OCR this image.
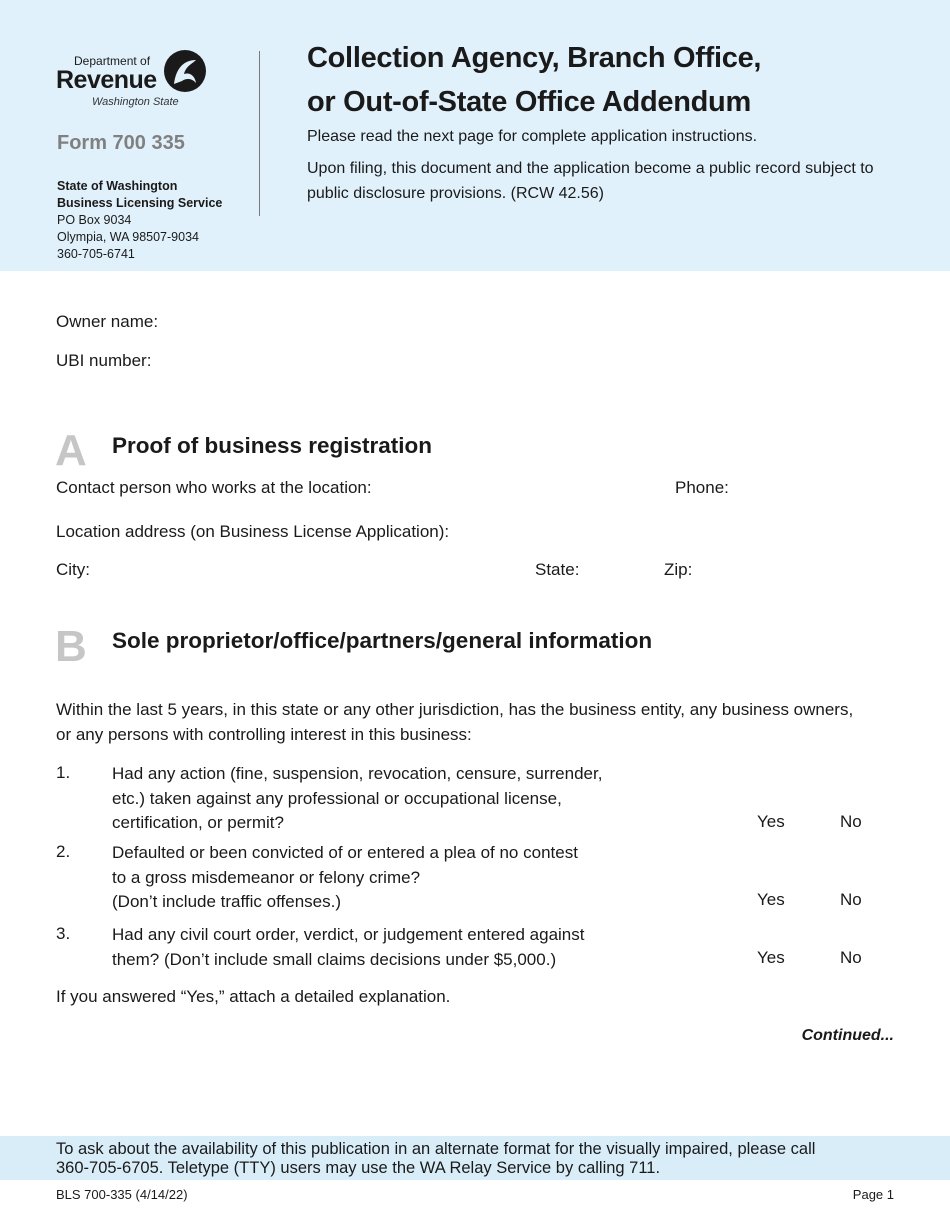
Department of
Revenue
Washington State
Form 700 335
State of Washington
Business Licensing Service
PO Box 9034
Olympia, WA 98507-9034
360-705-6741
Collection Agency, Branch Office,
or Out-of-State Office Addendum
Please read the next page for complete application instructions.
Upon filing, this document and the application become a public record subject to public disclosure provisions. (RCW 42.56)
Owner name:
UBI number:
A Proof of business registration
Contact person who works at the location:	Phone:
Location address (on Business License Application):
City:	State:	Zip:
B Sole proprietor/office/partners/general information
Within the last 5 years, in this state or any other jurisdiction, has the business entity, any business owners, or any persons with controlling interest in this business:
1. Had any action (fine, suspension, revocation, censure, surrender,
etc.) taken against any professional or occupational license,
certification, or permit?	Yes	No
2. Defaulted or been convicted of or entered a plea of no contest
to a gross misdemeanor or felony crime?
(Don’t include traffic offenses.)	Yes	No
3. Had any civil court order, verdict, or judgement entered against
them? (Don’t include small claims decisions under $5,000.)	Yes	No
If you answered “Yes,” attach a detailed explanation.
Continued...
To ask about the availability of this publication in an alternate format for the visually impaired, please call
360-705-6705. Teletype (TTY) users may use the WA Relay Service by calling 711.
BLS 700-335 (4/14/22)	Page 1
